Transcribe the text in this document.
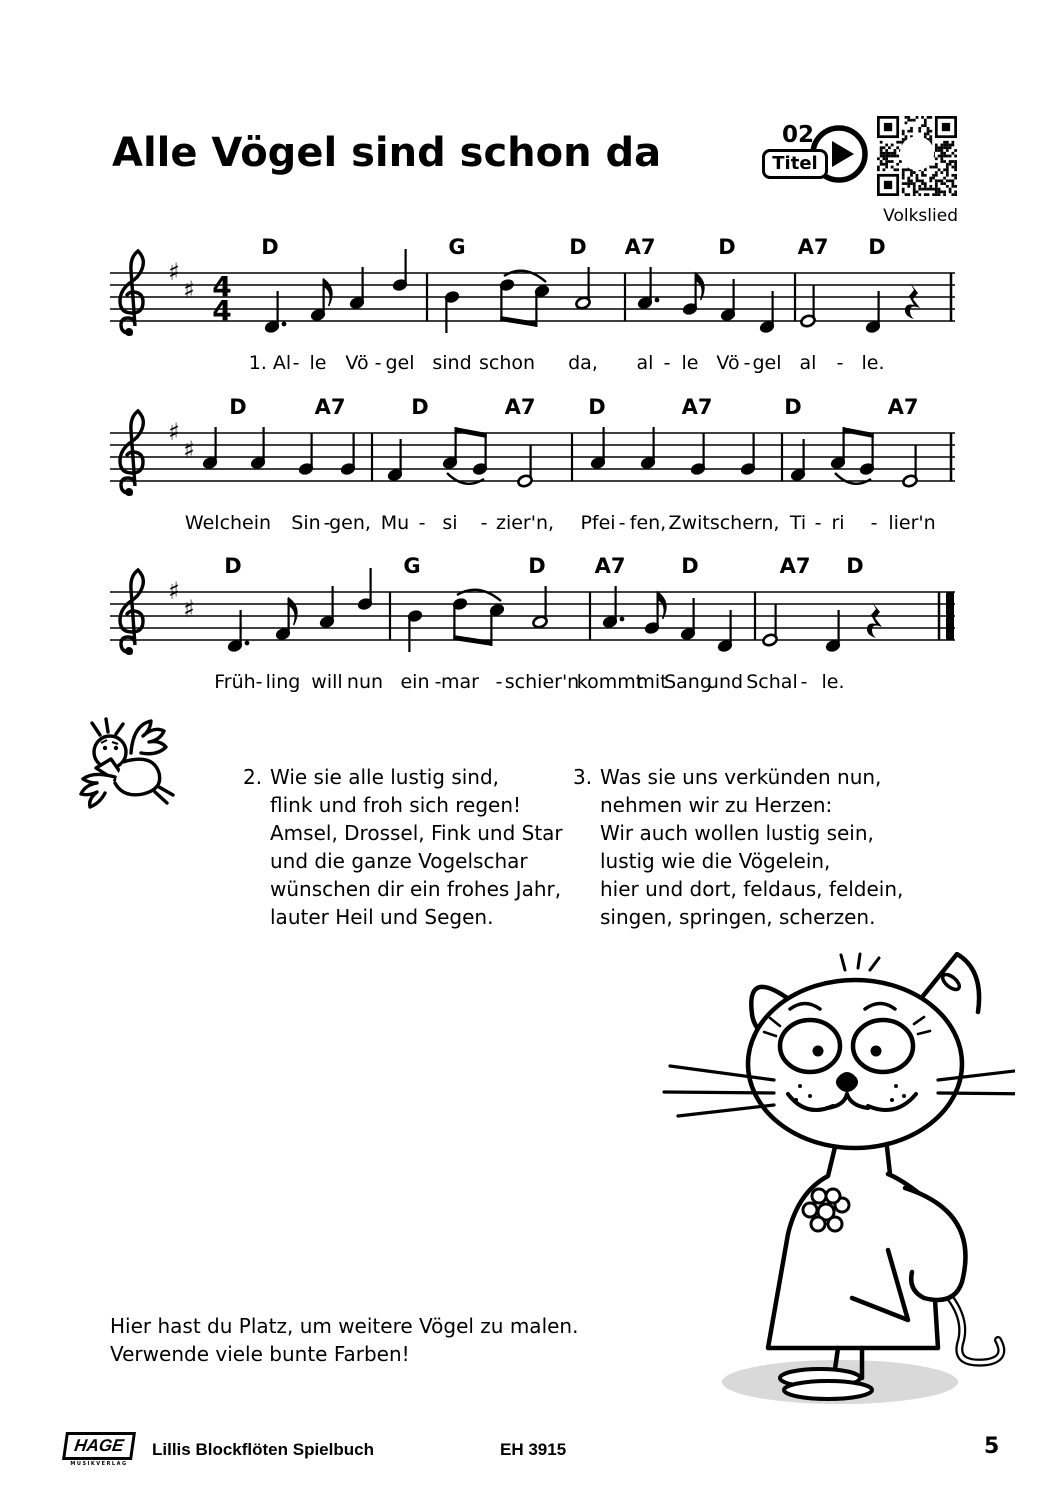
Alle Vögel sind schon da	02
Titel
Volkslied
♯
♯ 4
4
D	G	D A7	D	A7 D
1. Al - le Vö - gel sind schon da, al - le Vö - gel al - le.
♯
♯
D	A7	D	A7	D	A7	D	A7
Welchein Sin -
gen, Mu - si - zier'n, Pfei - fen, Zwitschern, Ti - ri - lier'n
♯
♯
D	G	D A7	D	A7 D
Früh - ling will nun ein - mar - schier'n
kommt
mit
Sang
und Schal - le.
2. Wie sie alle lustig sind,
flink und froh sich regen!
Amsel, Drossel, Fink und Star
und die ganze Vogelschar
wünschen dir ein frohes Jahr,
lauter Heil und Segen.
3. Was sie uns verkünden nun,
nehmen wir zu Herzen:
Wir auch wollen lustig sein,
lustig wie die Vögelein,
hier und dort, feldaus, feldein,
singen, springen, scherzen.
Hier hast du Platz, um weitere Vögel zu malen.
Verwende viele bunte Farben!
HAGE
MUSIKVERLAG
Lillis Blockflöten Spielbuch	EH 3915	5
